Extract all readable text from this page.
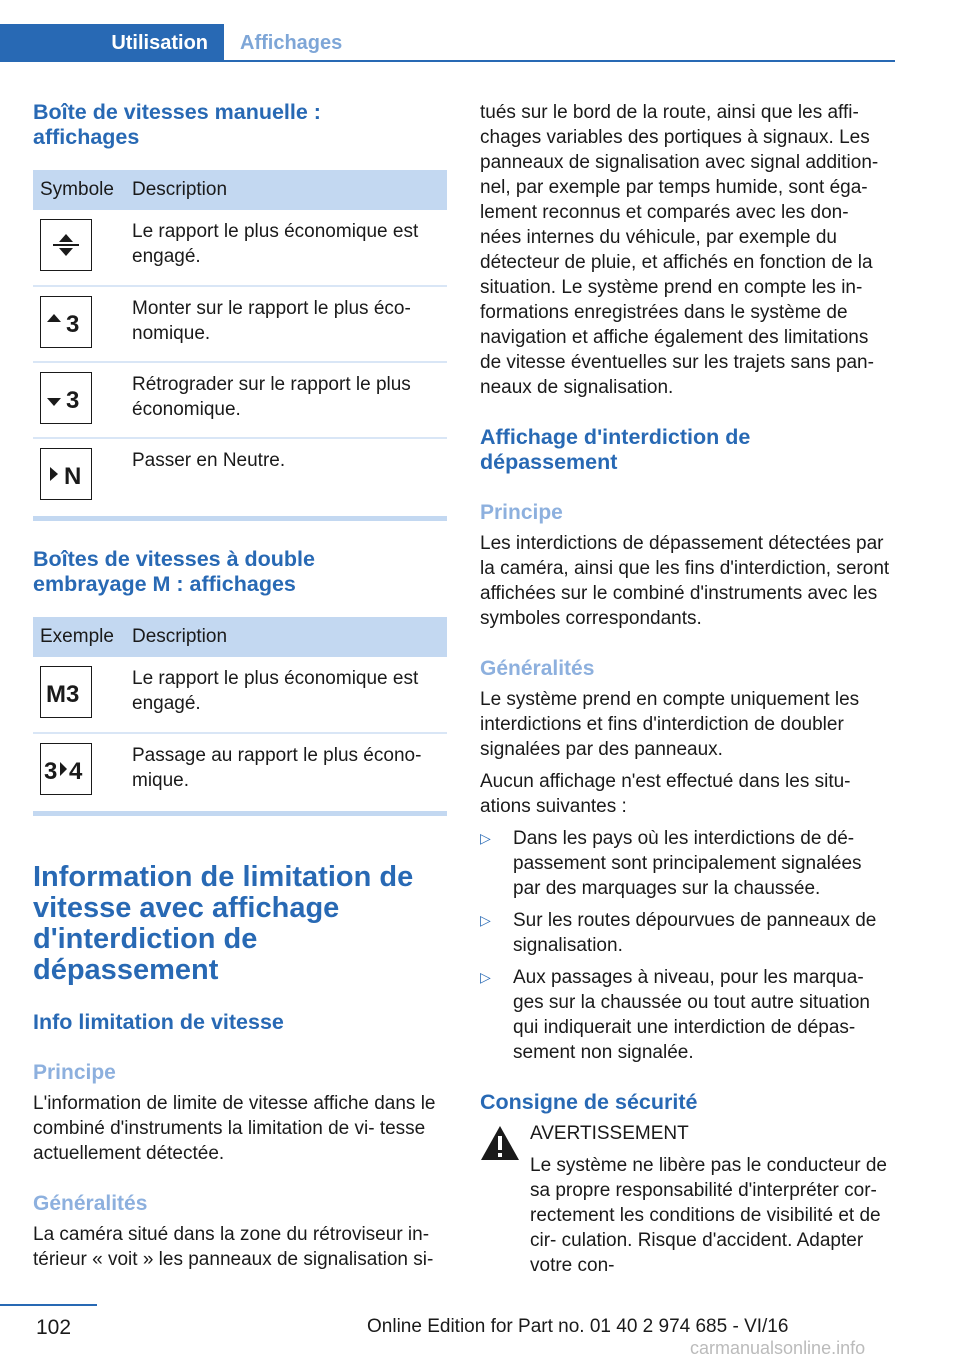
Utilisation	Affichages
Boîte de vitesses manuelle :
affichages
Symbole	Description

	Le rapport le plus économique est engagé.

3	Monter sur le rapport le plus éco-
nomique.

3	Rétrograder sur le rapport le plus
économique.

N	Passer en Neutre.
Boîtes de vitesses à double
embrayage M : affichages
Exemple	Description

M3	Le rapport le plus économique est engagé.

3 4	Passage au rapport le plus écono-
mique.
Information de limitation de vitesse avec affichage d'interdiction de dépassement
Info limitation de vitesse
Principe

L'information de limite de vitesse affiche dans le combiné d'instruments la limitation de vi- tesse actuellement détectée.

Généralités

La caméra situé dans la zone du rétroviseur in- térieur « voit » les panneaux de signalisation si-

tués sur le bord de la route, ainsi que les affi- chages variables des portiques à signaux. Les panneaux de signalisation avec signal addition- nel, par exemple par temps humide, sont éga- lement reconnus et comparés avec les don- nées internes du véhicule, par exemple du détecteur de pluie, et affichés en fonction de la situation. Le système prend en compte les in- formations enregistrées dans le système de navigation et affiche également des limitations de vitesse éventuelles sur les trajets sans pan- neaux de signalisation.

Affichage d'interdiction de dépassement
Principe

Les interdictions de dépassement détectées par la caméra, ainsi que les fins d'interdiction, seront affichées sur le combiné d'instruments avec les symboles correspondants.

Généralités

Le système prend en compte uniquement les interdictions et fins d'interdiction de doubler signalées par des panneaux.

Aucun affichage n'est effectué dans les situ- ations suivantes :

▷ Dans les pays où les interdictions de dé- passement sont principalement signalées par des marquages sur la chaussée.
▷ Sur les routes dépourvues de panneaux de signalisation.
▷ Aux passages à niveau, pour les marqua- ges sur la chaussée ou tout autre situation qui indiquerait une interdiction de dépas- sement non signalée.
Consigne de sécurité

AVERTISSEMENT

Le système ne libère pas le conducteur de sa propre responsabilité d'interpréter cor- rectement les conditions de visibilité et de cir- culation. Risque d'accident. Adapter votre con-

102	Online Edition for Part no. 01 40 2 974 685 - VI/16
carmanualsonline.info
